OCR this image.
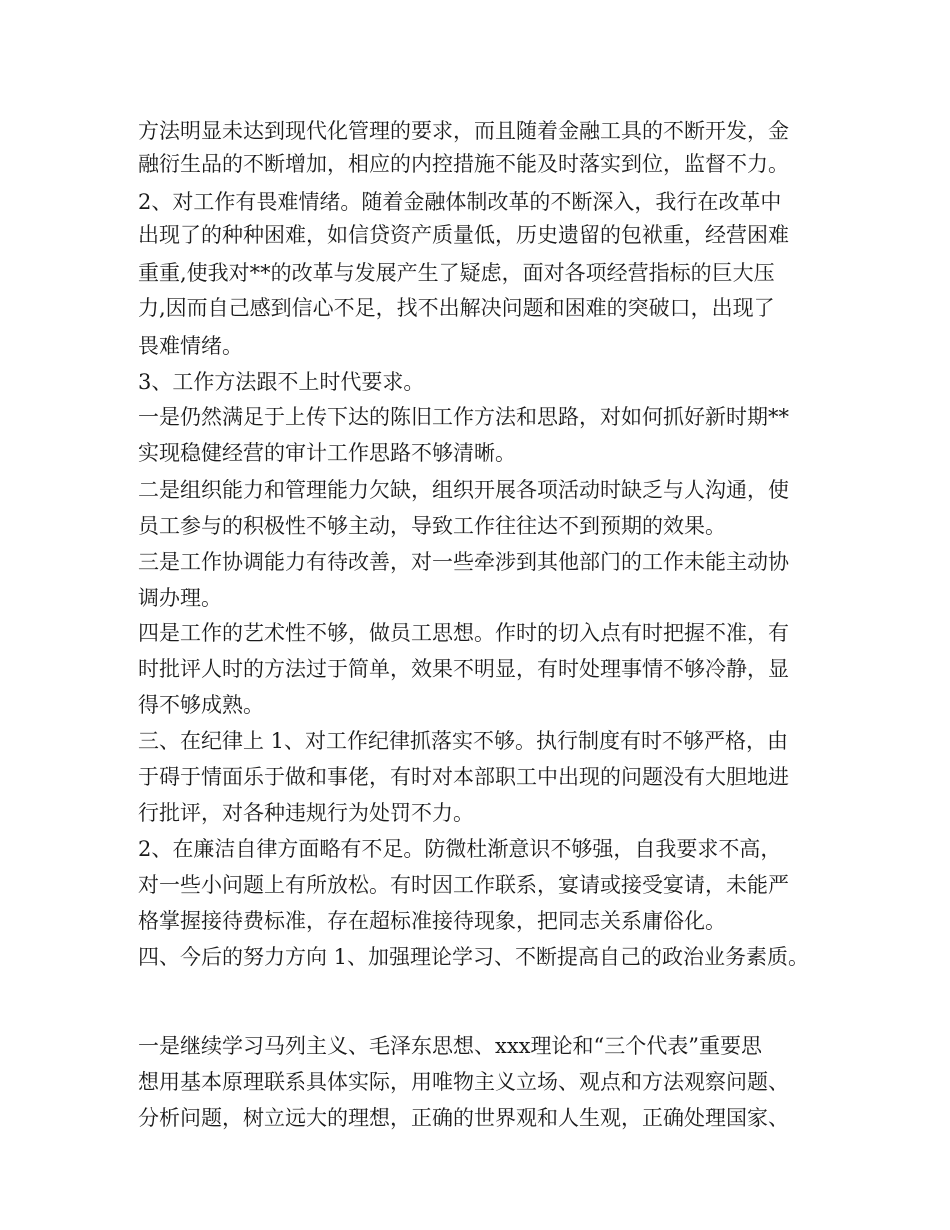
方法明显未达到现代化管理的要求，而且随着金融工具的不断开发，金
融衍生品的不断增加，相应的内控措施不能及时落实到位，监督不力。
2、对工作有畏难情绪。随着金融体制改革的不断深入，我行在改革中
出现了的种种困难，如信贷资产质量低，历史遗留的包袱重，经营困难
重重,使我对**的改革与发展产生了疑虑，面对各项经营指标的巨大压
力,因而自己感到信心不足，找不出解决问题和困难的突破口，出现了
畏难情绪。
3、工作方法跟不上时代要求。
一是仍然满足于上传下达的陈旧工作方法和思路，对如何抓好新时期**
实现稳健经营的审计工作思路不够清晰。
二是组织能力和管理能力欠缺，组织开展各项活动时缺乏与人沟通，使
员工参与的积极性不够主动，导致工作往往达不到预期的效果。
三是工作协调能力有待改善，对一些牵涉到其他部门的工作未能主动协
调办理。
四是工作的艺术性不够，做员工思想。作时的切入点有时把握不准，有
时批评人时的方法过于简单，效果不明显，有时处理事情不够冷静，显
得不够成熟。
三、在纪律上 1、对工作纪律抓落实不够。执行制度有时不够严格，由
于碍于情面乐于做和事佬，有时对本部职工中出现的问题没有大胆地进
行批评，对各种违规行为处罚不力。
2、在廉洁自律方面略有不足。防微杜渐意识不够强，自我要求不高，
对一些小问题上有所放松。有时因工作联系，宴请或接受宴请，未能严
格掌握接待费标准，存在超标准接待现象，把同志关系庸俗化。
四、今后的努力方向 1、加强理论学习、不断提高自己的政治业务素质。
一是继续学习马列主义、毛泽东思想、xxx理论和“三个代表”重要思
想用基本原理联系具体实际，用唯物主义立场、观点和方法观察问题、
分析问题，树立远大的理想，正确的世界观和人生观，正确处理国家、
